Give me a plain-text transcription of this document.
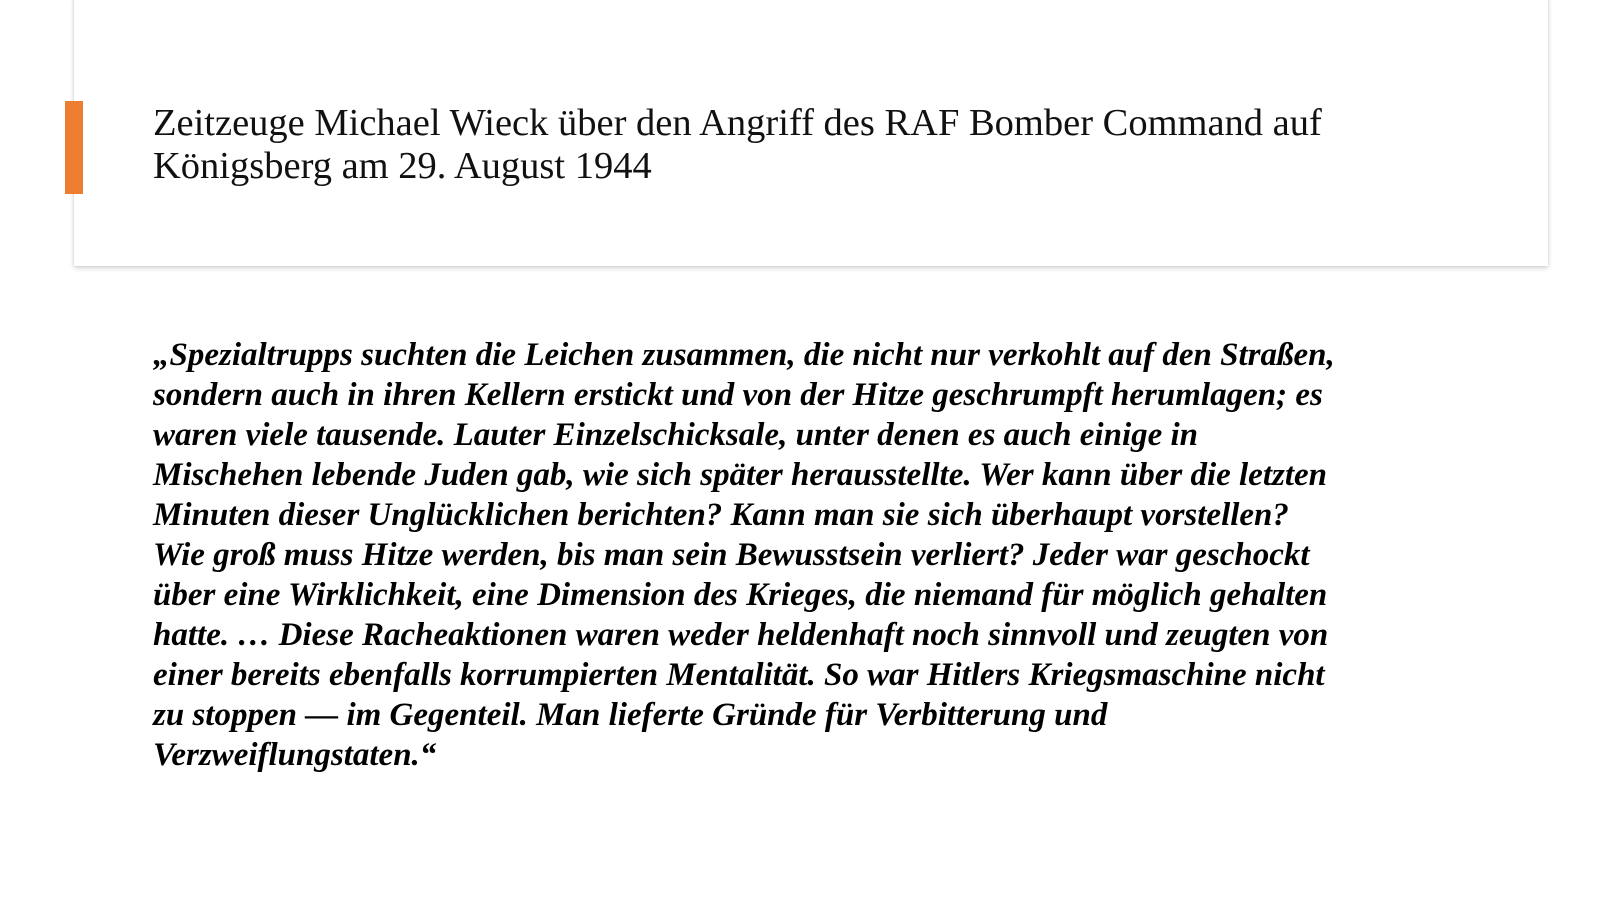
Zeitzeuge Michael Wieck über den Angriff des RAF Bomber Command auf
Königsberg am 29. August 1944

„Spezialtrupps suchten die Leichen zusammen, die nicht nur verkohlt auf den Straßen,
sondern auch in ihren Kellern erstickt und von der Hitze geschrumpft herumlagen; es
waren viele tausende. Lauter Einzelschicksale, unter denen es auch einige in
Mischehen lebende Juden gab, wie sich später herausstellte. Wer kann über die letzten
Minuten dieser Unglücklichen berichten? Kann man sie sich überhaupt vorstellen?
Wie groß muss Hitze werden, bis man sein Bewusstsein verliert? Jeder war geschockt
über eine Wirklichkeit, eine Dimension des Krieges, die niemand für möglich gehalten
hatte. … Diese Racheaktionen waren weder heldenhaft noch sinnvoll und zeugten von
einer bereits ebenfalls korrumpierten Mentalität. So war Hitlers Kriegsmaschine nicht
zu stoppen — im Gegenteil. Man lieferte Gründe für Verbitterung und
Verzweiflungstaten.“
